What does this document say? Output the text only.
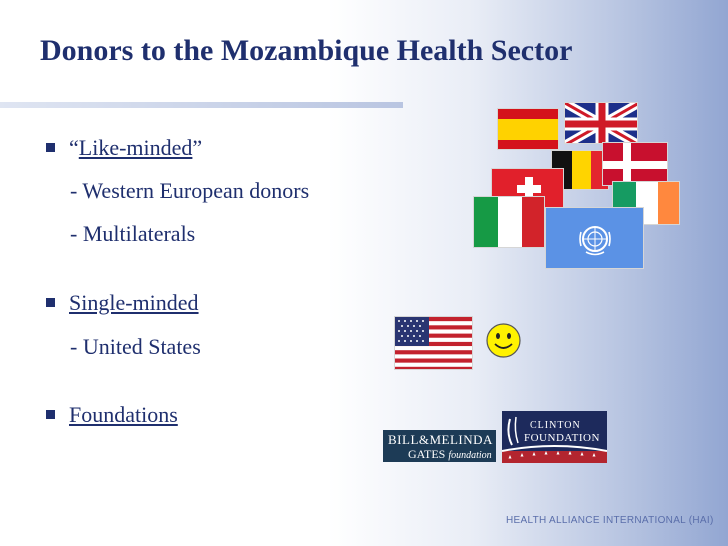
Donors to the Mozambique Health Sector
“Like-minded”
- Western European donors
- Multilaterals
Single-minded
- United States
Foundations
BILL&MELINDA
GATES foundation
CLINTON
FOUNDATION
HEALTH ALLIANCE INTERNATIONAL (HAI)
